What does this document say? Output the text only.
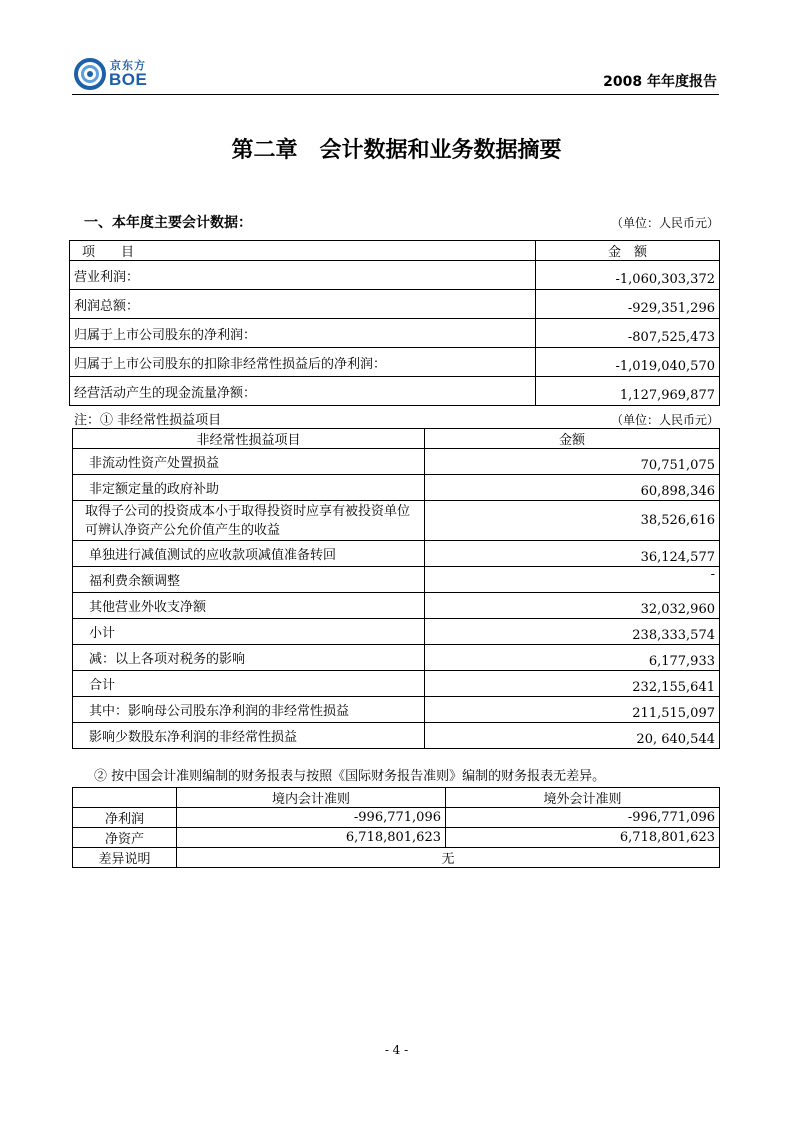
京东方
BOE	2008 年年度报告
第二章　会计数据和业务数据摘要
一、本年度主要会计数据：	（单位：人民币元）
项　　目	金　额
营业利润：	-1,060,303,372
利润总额：	-929,351,296
归属于上市公司股东的净利润：	-807,525,473
归属于上市公司股东的扣除非经常性损益后的净利润：	-1,019,040,570
经营活动产生的现金流量净额：	1,127,969,877
注：① 非经常性损益项目	（单位：人民币元）
非经常性损益项目	金额
非流动性资产处置损益	70,751,075
非定额定量的政府补助	60,898,346
取得子公司的投资成本小于取得投资时应享有被投资单位可辨认净资产公允价值产生的收益	38,526,616
单独进行减值测试的应收款项减值准备转回	36,124,577
福利费余额调整	-
其他营业外收支净额	32,032,960
小计	238,333,574
减：以上各项对税务的影响	6,177,933
合计	232,155,641
其中：影响母公司股东净利润的非经常性损益	211,515,097
影响少数股东净利润的非经常性损益	20, 640,544
② 按中国会计准则编制的财务报表与按照《国际财务报告准则》编制的财务报表无差异。
	境内会计准则	境外会计准则
净利润	-996,771,096	-996,771,096
净资产	6,718,801,623	6,718,801,623
差异说明	无	
- 4 -
